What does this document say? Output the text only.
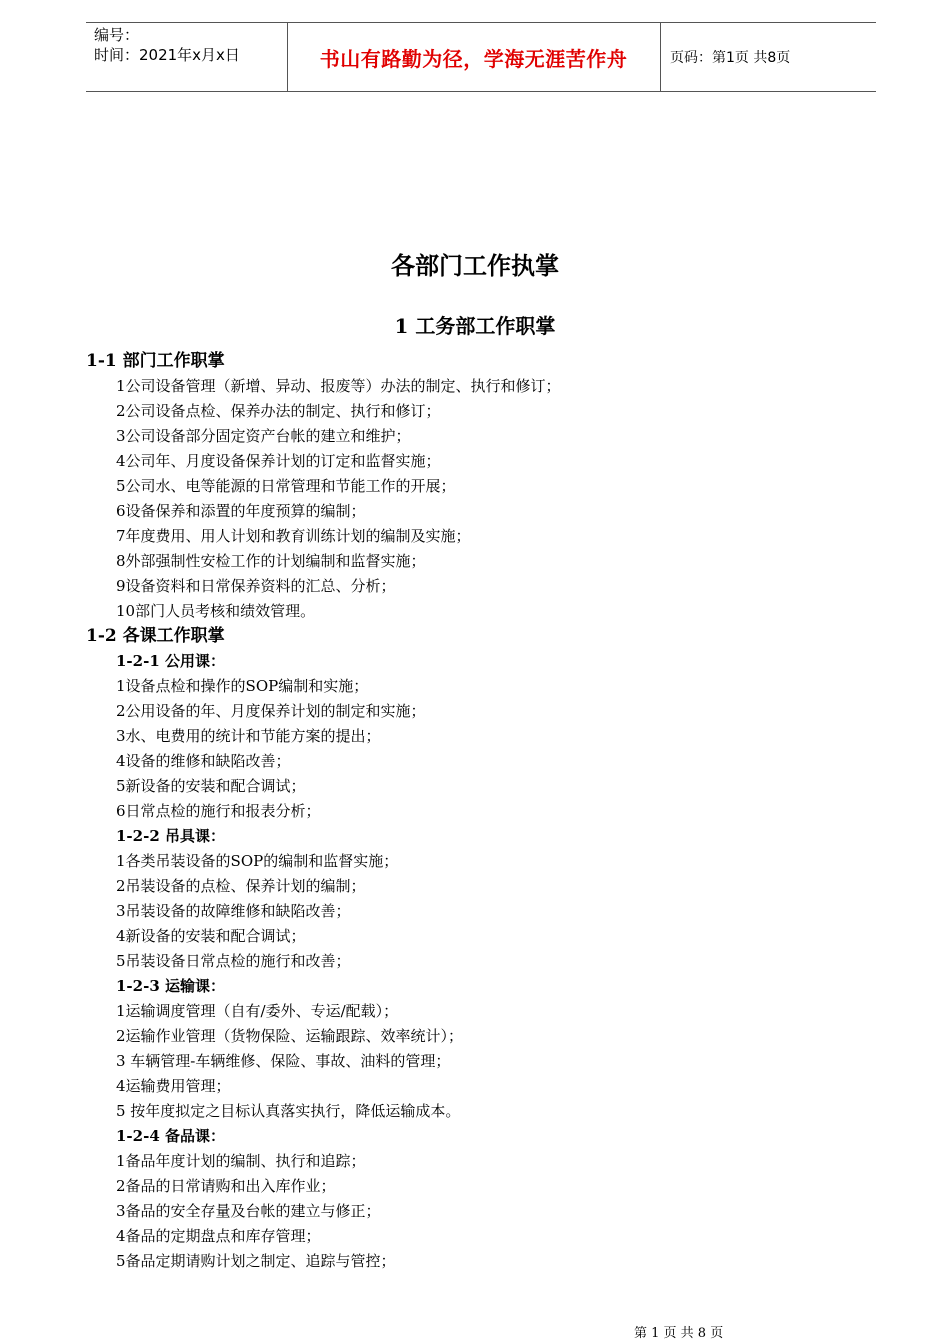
编号：
时间：2021年x月x日	书山有路勤为径，学海无涯苦作舟	页码：第1页 共8页
各部门工作执掌
1 工务部工作职掌
1-1 部门工作职掌
1公司设备管理（新增、异动、报废等）办法的制定、执行和修订；
2公司设备点检、保养办法的制定、执行和修订；
3公司设备部分固定资产台帐的建立和维护；
4公司年、月度设备保养计划的订定和监督实施；
5公司水、电等能源的日常管理和节能工作的开展；
6设备保养和添置的年度预算的编制；
7年度费用、用人计划和教育训练计划的编制及实施；
8外部强制性安检工作的计划编制和监督实施；
9设备资料和日常保养资料的汇总、分析；
10部门人员考核和绩效管理。
1-2 各课工作职掌
1-2-1 公用课：
1设备点检和操作的SOP编制和实施；
2公用设备的年、月度保养计划的制定和实施；
3水、电费用的统计和节能方案的提出；
4设备的维修和缺陷改善；
5新设备的安装和配合调试；
6日常点检的施行和报表分析；
1-2-2 吊具课：
1各类吊装设备的SOP的编制和监督实施；
2吊装设备的点检、保养计划的编制；
3吊装设备的故障维修和缺陷改善；
4新设备的安装和配合调试；
5吊装设备日常点检的施行和改善；
1-2-3 运输课：
1运输调度管理（自有/委外、专运/配载）；
2运输作业管理（货物保险、运输跟踪、效率统计）；
3 车辆管理-车辆维修、保险、事故、油料的管理；
4运输费用管理；
5 按年度拟定之目标认真落实执行，降低运输成本。
1-2-4 备品课：
1备品年度计划的编制、执行和追踪；
2备品的日常请购和出入库作业；
3备品的安全存量及台帐的建立与修正；
4备品的定期盘点和库存管理；
5备品定期请购计划之制定、追踪与管控；
第 1 页 共 8 页
